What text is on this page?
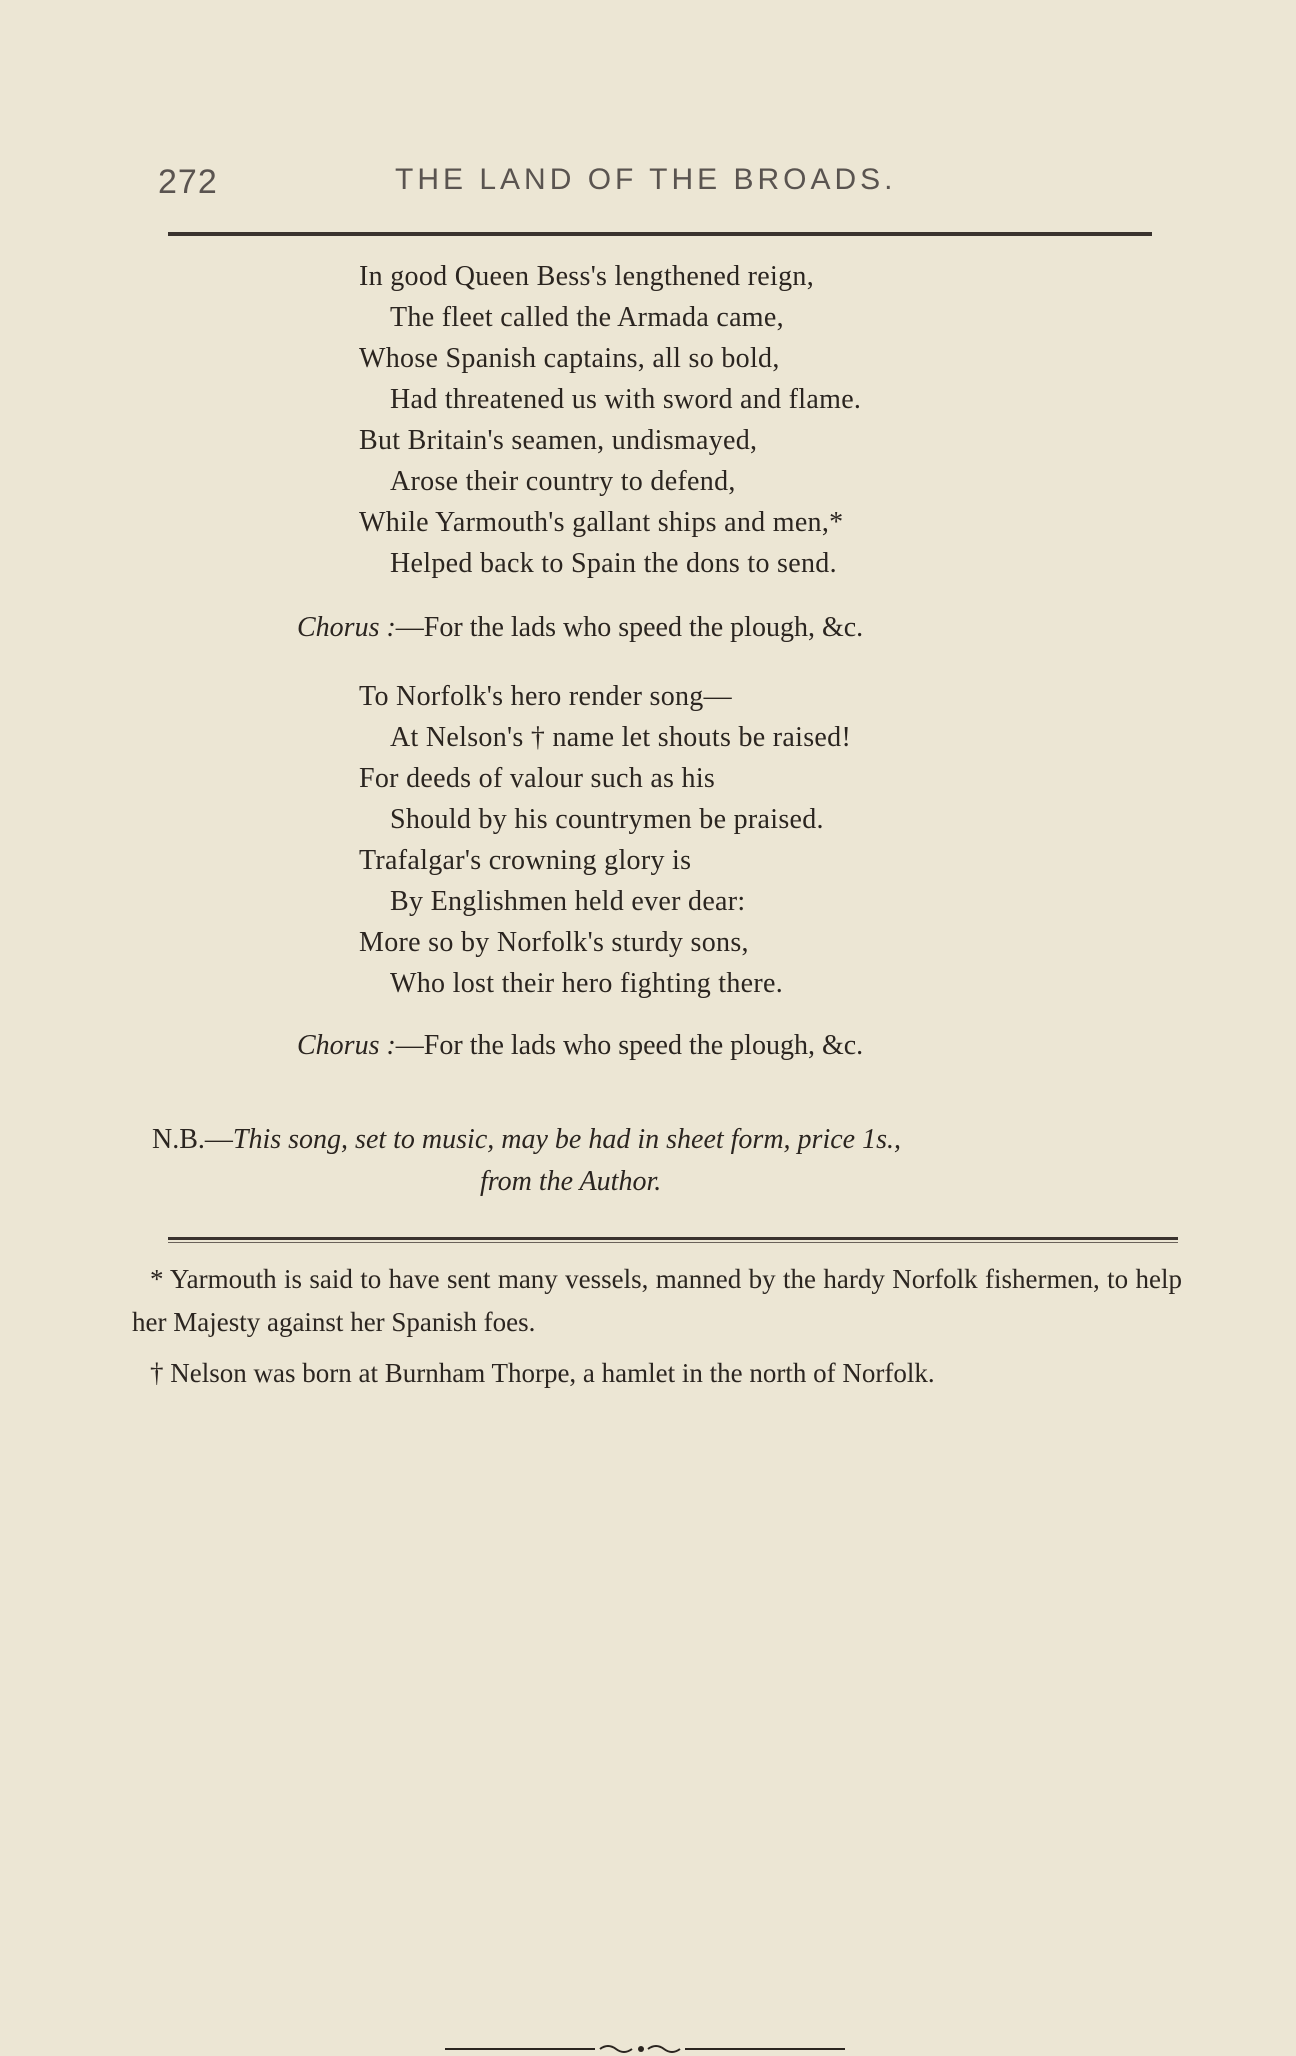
272	THE LAND OF THE BROADS.
In good Queen Bess's lengthened reign,
The fleet called the Armada came,
Whose Spanish captains, all so bold,
Had threatened us with sword and flame.
But Britain's seamen, undismayed,
Arose their country to defend,
While Yarmouth's gallant ships and men,*
Helped back to Spain the dons to send.
Chorus :—For the lads who speed the plough, &c.
To Norfolk's hero render song—
At Nelson's † name let shouts be raised!
For deeds of valour such as his
Should by his countrymen be praised.
Trafalgar's crowning glory is
By Englishmen held ever dear:
More so by Norfolk's sturdy sons,
Who lost their hero fighting there.
Chorus :—For the lads who speed the plough, &c.
N.B.—This song, set to music, may be had in sheet form, price 1s.,
from the Author.
* Yarmouth is said to have sent many vessels, manned by the hardy Norfolk fishermen, to help her Majesty against her Spanish foes.
† Nelson was born at Burnham Thorpe, a hamlet in the north of Norfolk.
